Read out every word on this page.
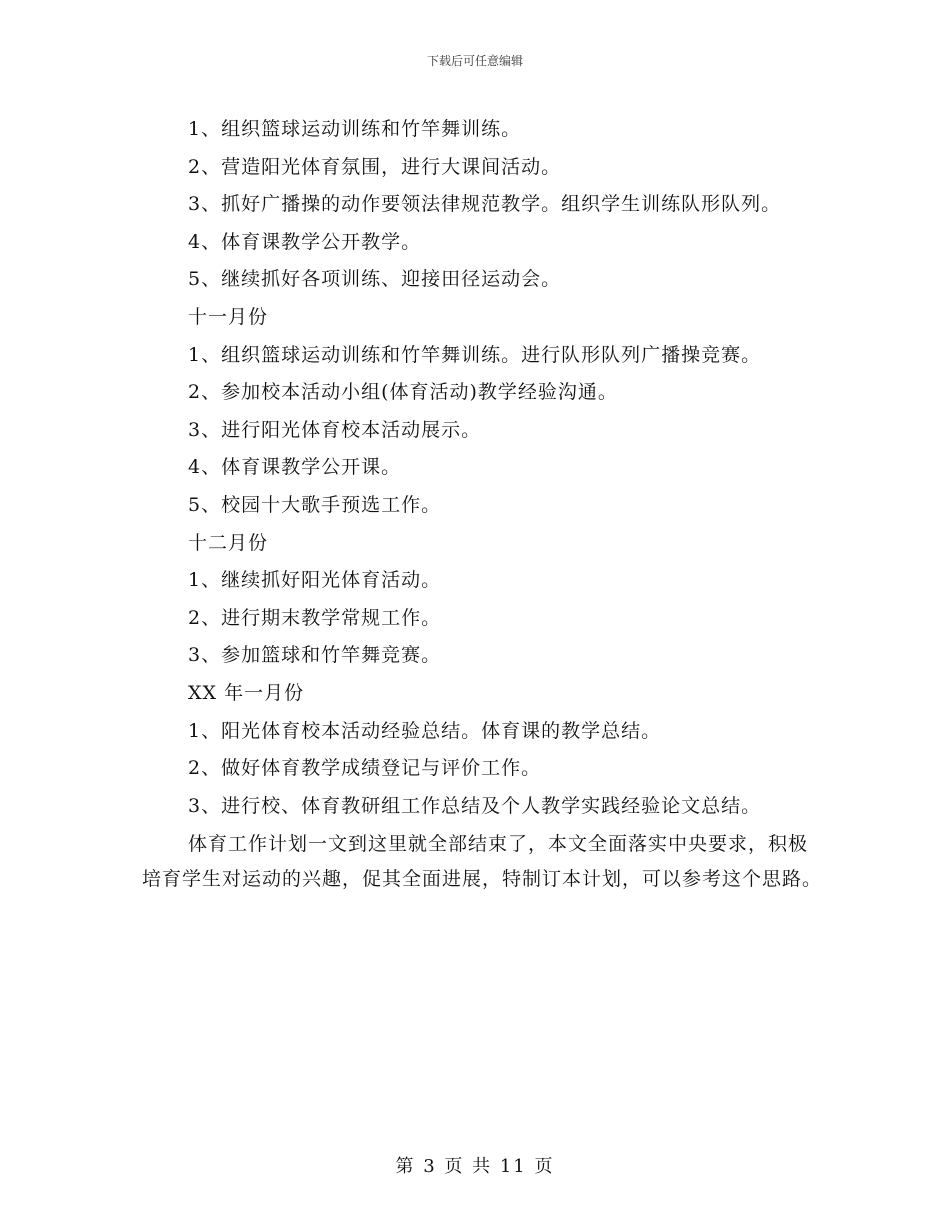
下载后可任意编辑
1、组织篮球运动训练和竹竿舞训练。
2、营造阳光体育氛围，进行大课间活动。
3、抓好广播操的动作要领法律规范教学。组织学生训练队形队列。
4、体育课教学公开教学。
5、继续抓好各项训练、迎接田径运动会。
十一月份
1、组织篮球运动训练和竹竿舞训练。进行队形队列广播操竞赛。
2、参加校本活动小组(体育活动)教学经验沟通。
3、进行阳光体育校本活动展示。
4、体育课教学公开课。
5、校园十大歌手预选工作。
十二月份
1、继续抓好阳光体育活动。
2、进行期末教学常规工作。
3、参加篮球和竹竿舞竞赛。
XX 年一月份
1、阳光体育校本活动经验总结。体育课的教学总结。
2、做好体育教学成绩登记与评价工作。
3、进行校、体育教研组工作总结及个人教学实践经验论文总结。
体育工作计划一文到这里就全部结束了，本文全面落实中央要求，积极培育学生对运动的兴趣，促其全面进展，特制订本计划，可以参考这个思路。
第 3 页 共 11 页
